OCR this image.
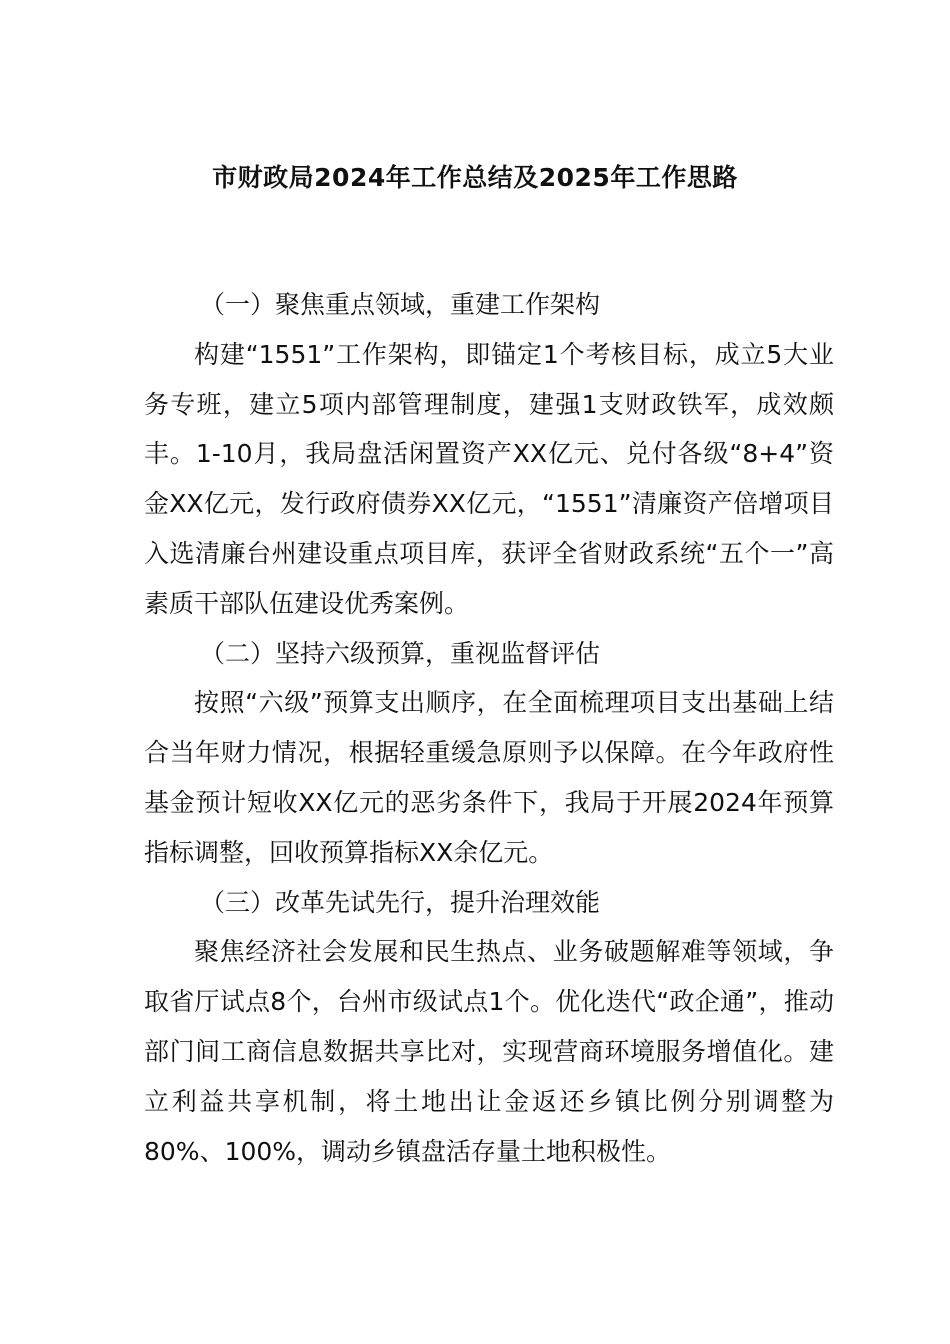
市财政局2024年工作总结及2025年工作思路

（一）聚焦重点领域，重建工作架构

构建“1551”工作架构，即锚定1个考核目标，成立5大业务专班，建立5项内部管理制度，建强1支财政铁军，成效颇丰。1-10月，我局盘活闲置资产XX亿元、兑付各级“8+4”资金XX亿元，发行政府债券XX亿元，“1551”清廉资产倍增项目入选清廉台州建设重点项目库，获评全省财政系统“五个一”高素质干部队伍建设优秀案例。

（二）坚持六级预算，重视监督评估

按照“六级”预算支出顺序，在全面梳理项目支出基础上结合当年财力情况，根据轻重缓急原则予以保障。在今年政府性基金预计短收XX亿元的恶劣条件下，我局于开展2024年预算指标调整，回收预算指标XX余亿元。

（三）改革先试先行，提升治理效能

聚焦经济社会发展和民生热点、业务破题解难等领域，争取省厅试点8个，台州市级试点1个。优化迭代“政企通”，推动部门间工商信息数据共享比对，实现营商环境服务增值化。建立利益共享机制，将土地出让金返还乡镇比例分别调整为80%、100%，调动乡镇盘活存量土地积极性。
